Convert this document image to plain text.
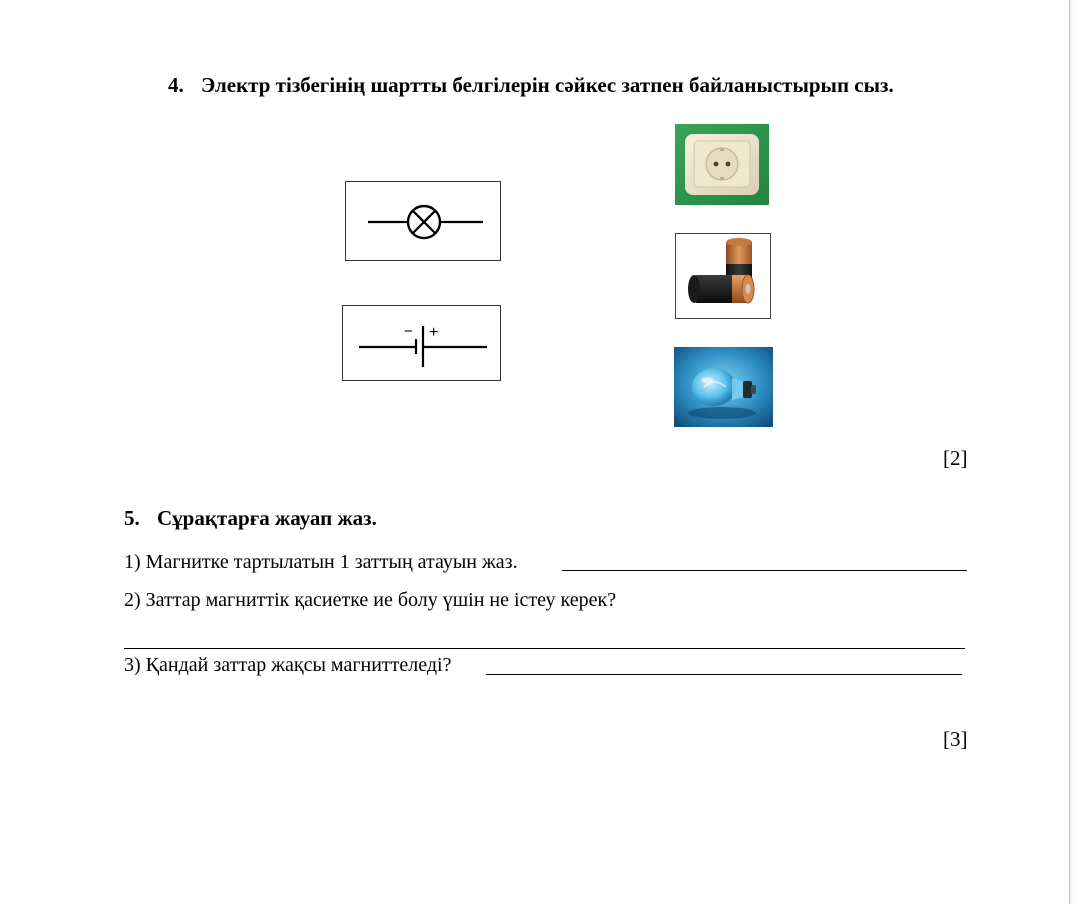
4. Электр тізбегінің шартты белгілерін сәйкес затпен байланыстырып сыз.
− +
[2]
5. Сұрақтарға жауап жаз.
1) Магнитке тартылатын 1 заттың атауын жаз.
2) Заттар магниттік қасиетке ие болу үшін не істеу керек?
3) Қандай заттар жақсы магниттеледі?
[3]
